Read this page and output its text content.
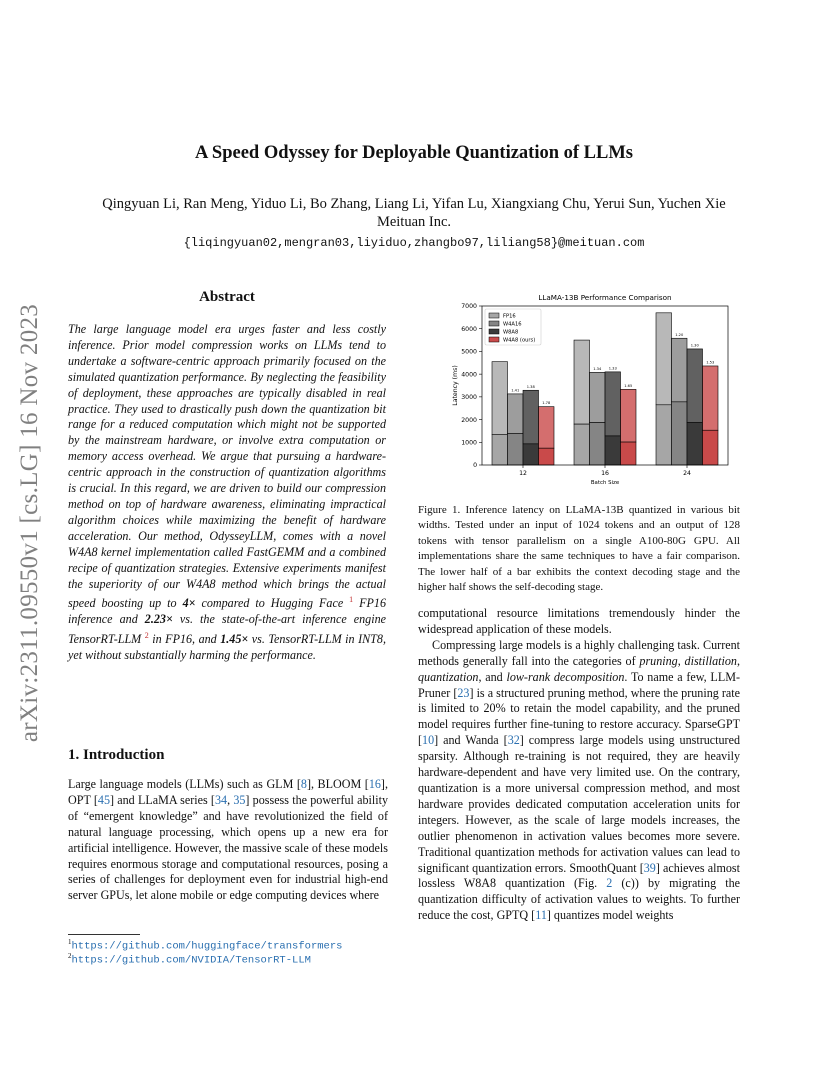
A Speed Odyssey for Deployable Quantization of LLMs
Qingyuan Li, Ran Meng, Yiduo Li, Bo Zhang, Liang Li, Yifan Lu, Xiangxiang Chu, Yerui Sun, Yuchen Xie
Meituan Inc.
{liqingyuan02,mengran03,liyiduo,zhangbo97,liliang58}@meituan.com
arXiv:2311.09550v1 [cs.LG] 16 Nov 2023
Abstract
The large language model era urges faster and less costly inference. Prior model compression works on LLMs tend to undertake a software-centric approach primarily focused on the simulated quantization performance. By neglecting the feasibility of deployment, these approaches are typically disabled in real practice. They used to drastically push down the quantization bit range for a reduced computation which might not be supported by the mainstream hardware, or involve extra computation or memory access overhead. We argue that pursuing a hardware-centric approach in the construction of quantization algorithms is crucial. In this regard, we are driven to build our compression method on top of hardware awareness, eliminating impractical algorithm choices while maximizing the benefit of hardware acceleration. Our method, OdysseyLLM, comes with a novel W4A8 kernel implementation called FastGEMM and a combined recipe of quantization strategies. Extensive experiments manifest the superiority of our W4A8 method which brings the actual speed boosting up to 4× compared to Hugging Face $^1$ FP16 inference and 2.23× vs. the state-of-the-art inference engine TensorRT-LLM $^2$ in FP16, and 1.45× vs. TensorRT-LLM in INT8, yet without substantially harming the performance.
1. Introduction
Large language models (LLMs) such as GLM [8], BLOOM [16], OPT [45] and LLaMA series [34, 35] possess the powerful ability of “emergent knowledge” and have revolutionized the field of natural language processing, which opens up a new era for artificial intelligence. However, the massive scale of these models requires enormous storage and computational resources, posing a series of challenges for deployment even for industrial high-end server GPUs, let alone mobile or edge computing devices where
$^1$https://github.com/huggingface/transformers
$^2$https://github.com/NVIDIA/TensorRT-LLM
LLaMA-13B Performance Comparison
0
1000
2000
3000
4000
5000
6000
7000
Latency (ms)	1.41
1.38
1.78
12
1.34 1.33
1.65
16
1.20
1.30
1.53
24
Batch Size
FP16
W4A16
W8A8
W4A8 (ours)
Figure 1. Inference latency on LLaMA-13B quantized in various bit widths. Tested under an input of 1024 tokens and an output of 128 tokens with tensor parallelism on a single A100-80G GPU. All implementations share the same techniques to have a fair comparison. The lower half of a bar exhibits the context decoding stage and the higher half shows the self-decoding stage.

computational resource limitations tremendously hinder the widespread application of these models.

Compressing large models is a highly challenging task. Current methods generally fall into the categories of pruning, distillation, quantization, and low-rank decomposition. To name a few, LLM-Pruner [23] is a structured pruning method, where the pruning rate is limited to 20% to retain the model capability, and the pruned model requires further fine-tuning to restore accuracy. SparseGPT [10] and Wanda [32] compress large models using unstructured sparsity. Although re-training is not required, they are heavily hardware-dependent and have very limited use. On the contrary, quantization is a more universal compression method, and most hardware provides dedicated computation acceleration units for integers. However, as the scale of large models increases, the outlier phenomenon in activation values becomes more severe. Traditional quantization methods for activation values can lead to significant quantization errors. SmoothQuant [39] achieves almost lossless W8A8 quantization (Fig. 2 (c)) by migrating the quantization difficulty of activation values to weights. To further reduce the cost, GPTQ [11] quantizes model weights
